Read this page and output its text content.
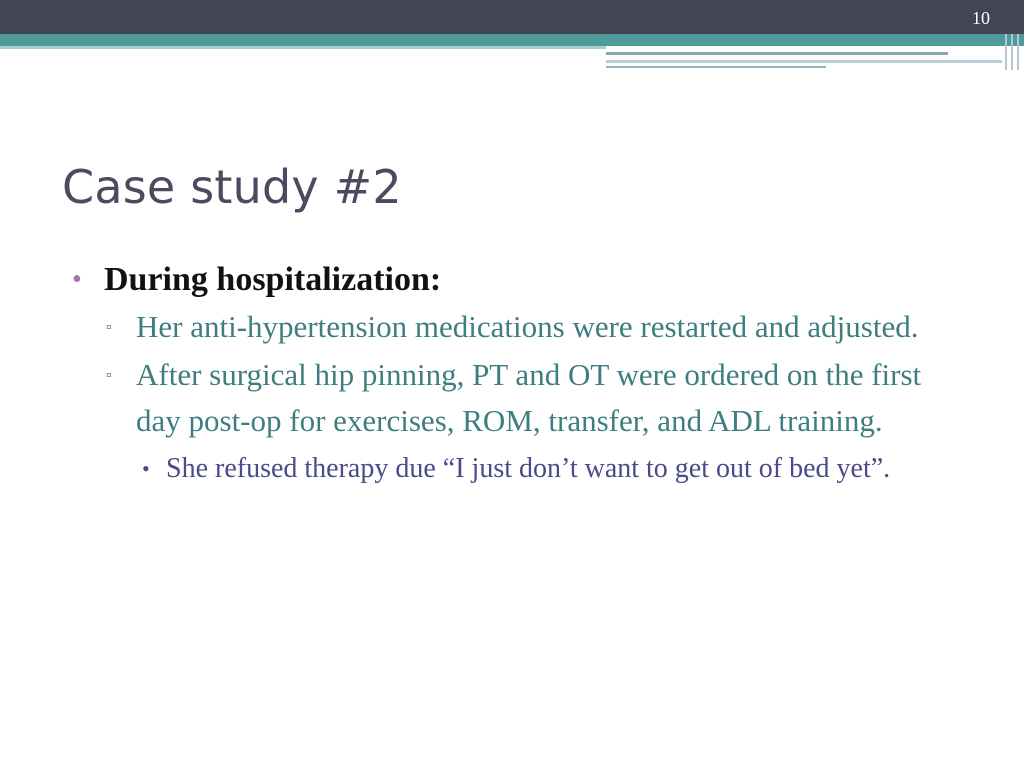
10
Case study #2
• During hospitalization:
▫ Her anti-hypertension medications were restarted and adjusted.
▫ After surgical hip pinning, PT and OT were ordered on the first day post-op for exercises, ROM, transfer, and ADL training.
• She refused therapy due “I just don’t want to get out of bed yet”.
